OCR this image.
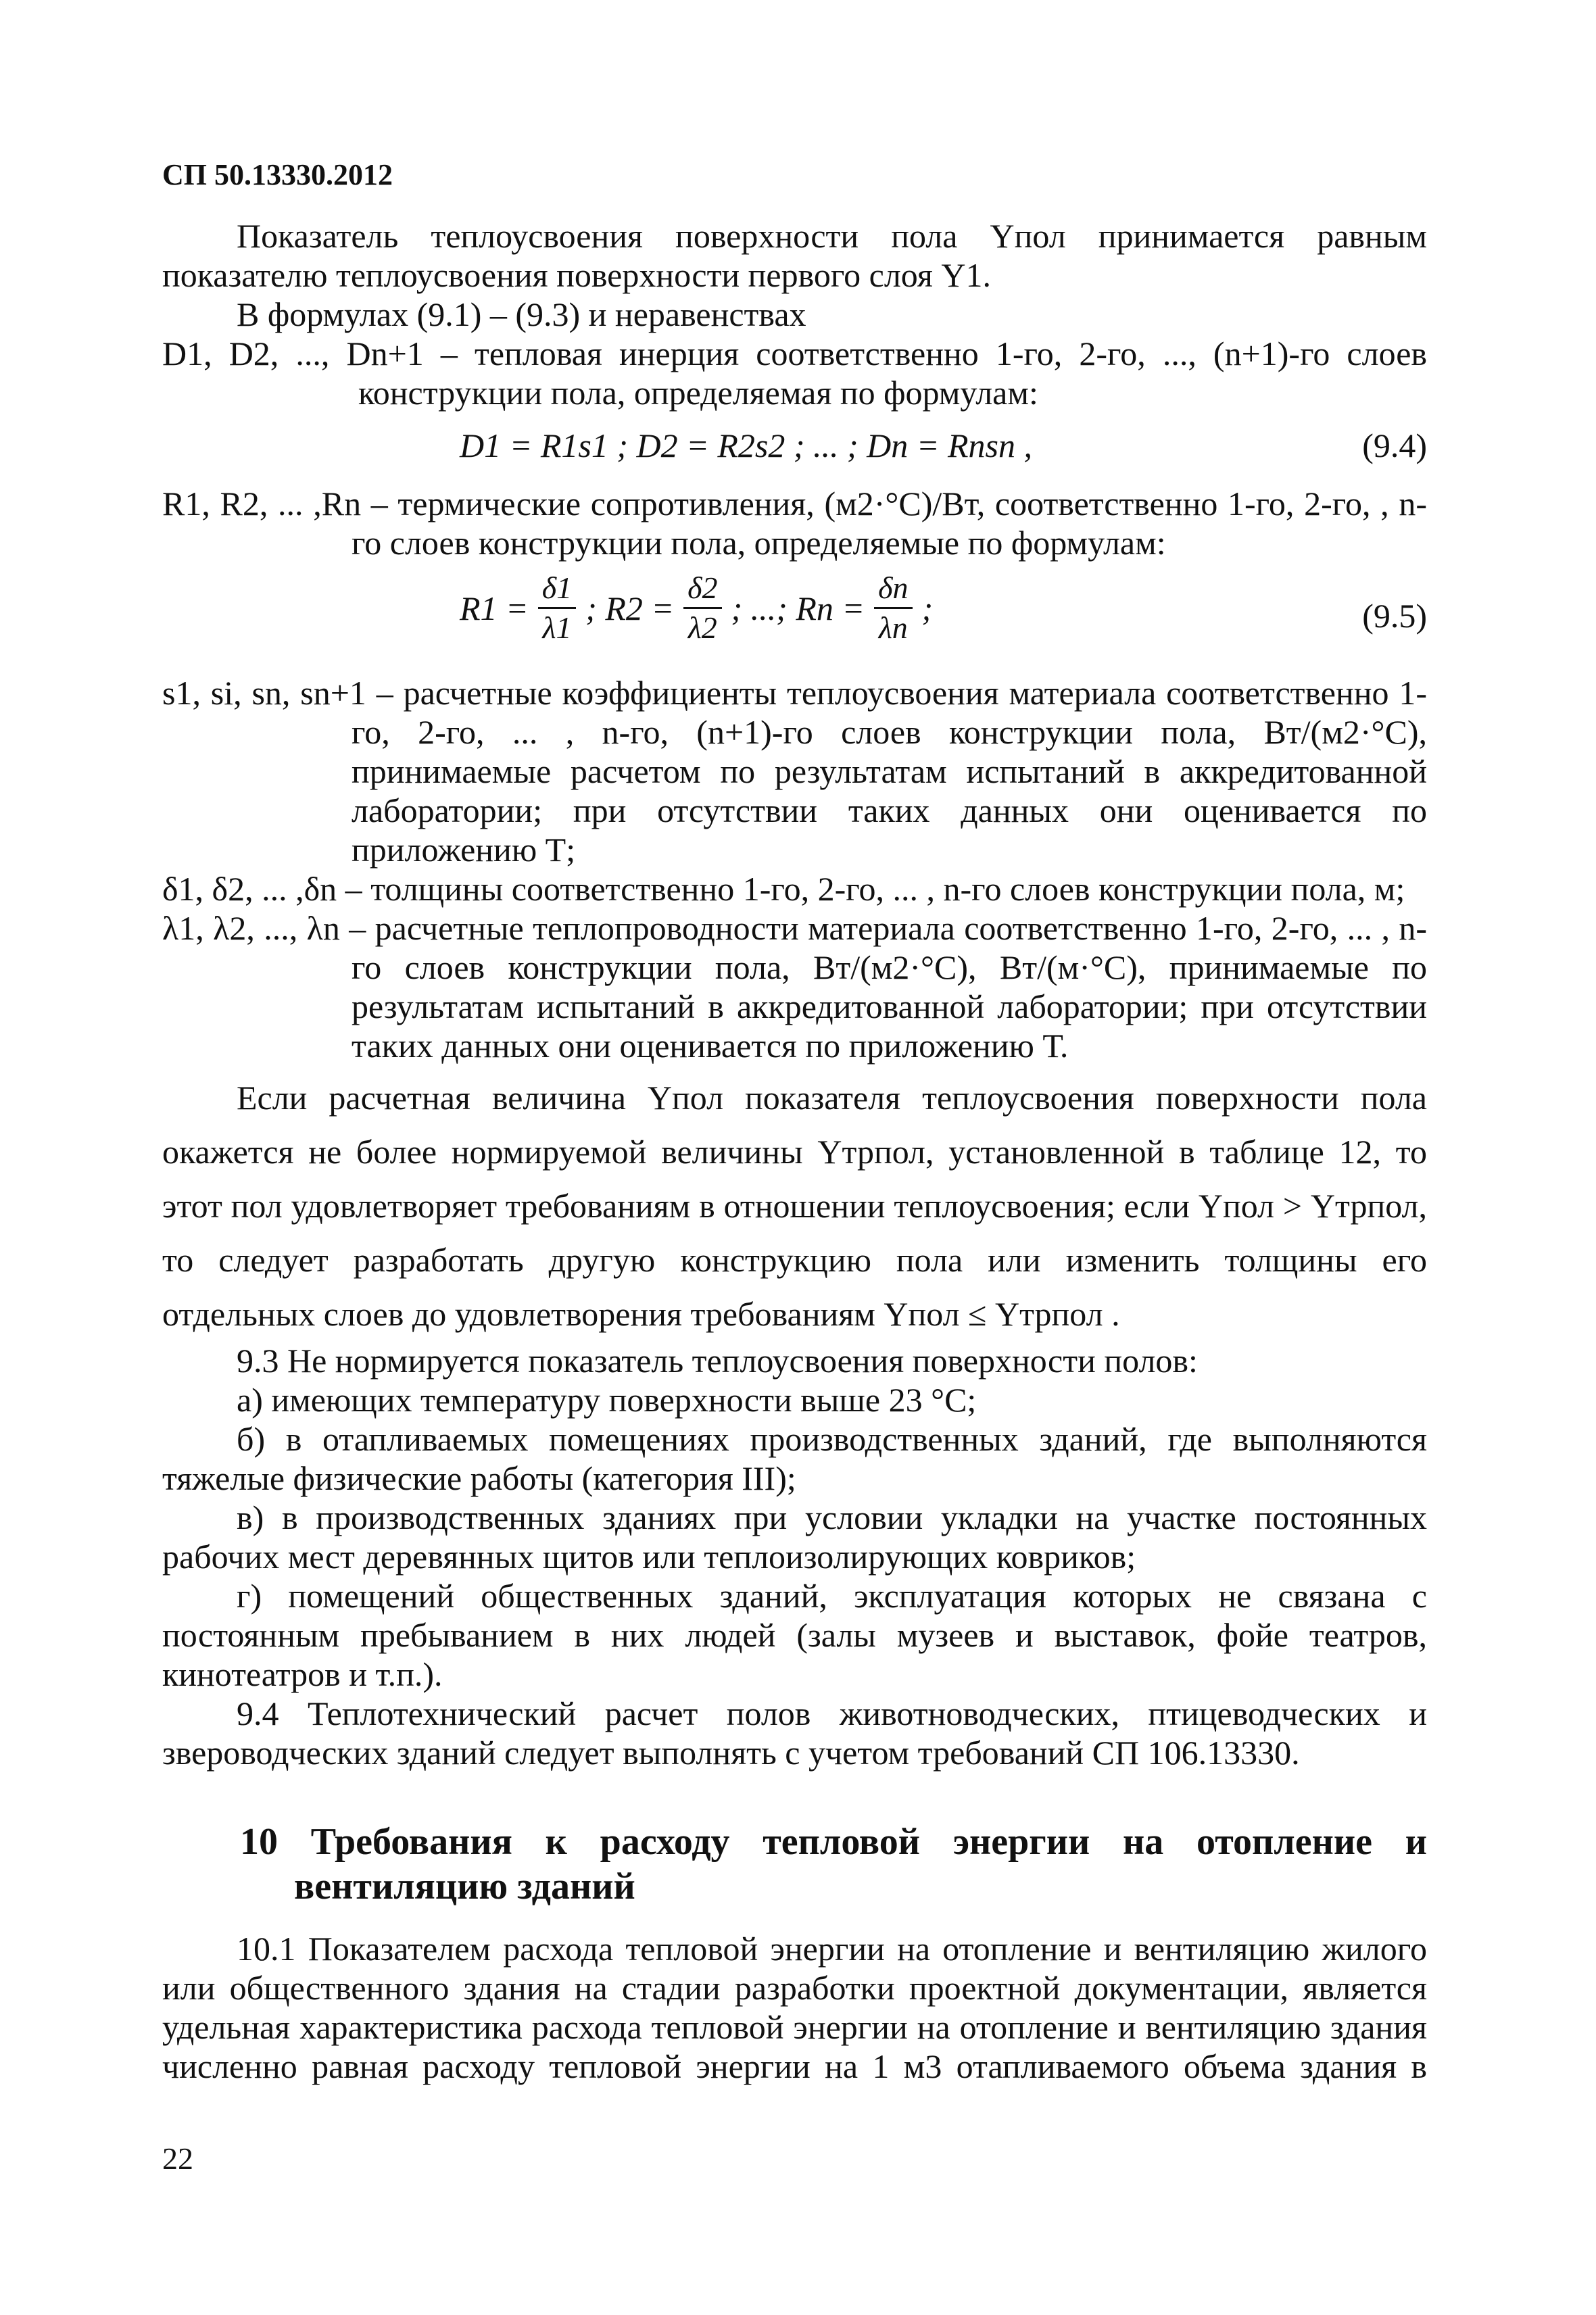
СП 50.13330.2012

Показатель теплоусвоения поверхности пола Yпол принимается равным

показателю теплоусвоения поверхности первого слоя Y1.

В формулах (9.1) – (9.3) и неравенствах

D1, D2, ..., Dn+1 – тепловая инерция соответственно 1-го, 2-го, ..., (n+1)-го слоев конструкции пола, определяемая по формулам:

D1 = R1s1 ; D2 = R2s2 ; ... ; Dn = Rnsn ,	(9.4)

R1, R2, ... ,Rn – термические сопротивления, (м2·°С)/Вт, соответственно 1-го, 2-го, , n-го слоев конструкции пола, определяемые по формулам:

$R1 = \frac{\delta 1}{\lambda 1}$ ; $R2 = \frac{\delta 2}{\lambda 2}$ ; ...; $Rn = \frac{\delta n}{\lambda n}$ ;	(9.5)

s1, si, sn, sn+1 – расчетные коэффициенты теплоусвоения материала соответственно 1-го, 2-го, ... , n-го, (n+1)-го слоев конструкции пола, Вт/(м2·°С), принимаемые расчетом по результатам испытаний в аккредитованной лаборатории; при отсутствии таких данных они оценивается по приложению Т;

δ1, δ2, ... ,δn – толщины соответственно 1-го, 2-го, ... , n-го слоев конструкции пола, м;

λ1, λ2, ..., λn – расчетные теплопроводности материала соответственно 1-го, 2-го, ... , n-го слоев конструкции пола, Вт/(м2·°С), Вт/(м·°С), принимаемые по результатам испытаний в аккредитованной лаборатории; при отсутствии таких данных они оценивается по приложению Т.

Если расчетная величина Yпол показателя теплоусвоения поверхности пола окажется не более нормируемой величины Yтрпол, установленной в таблице 12, то этот пол удовлетворяет требованиям в отношении теплоусвоения; если Yпол > Yтрпол, то следует разработать другую конструкцию пола или изменить толщины его отдельных слоев до удовлетворения требованиям Yпол ≤ Yтрпол .

9.3 Не нормируется показатель теплоусвоения поверхности полов:

а) имеющих температуру поверхности выше 23 °С;

б) в отапливаемых помещениях производственных зданий, где выполняются тяжелые физические работы (категория III);

в) в производственных зданиях при условии укладки на участке постоянных рабочих мест деревянных щитов или теплоизолирующих ковриков;

г) помещений общественных зданий, эксплуатация которых не связана с постоянным пребыванием в них людей (залы музеев и выставок, фойе театров, кинотеатров и т.п.).

9.4 Теплотехнический расчет полов животноводческих, птицеводческих и звероводческих зданий следует выполнять с учетом требований СП 106.13330.

10 Требования к расходу тепловой энергии на отопление и вентиляцию зданий

10.1 Показателем расхода тепловой энергии на отопление и вентиляцию жилого или общественного здания на стадии разработки проектной документации, является удельная характеристика расхода тепловой энергии на отопление и вентиляцию здания численно равная расходу тепловой энергии на 1 м3 отапливаемого объема здания в

22
